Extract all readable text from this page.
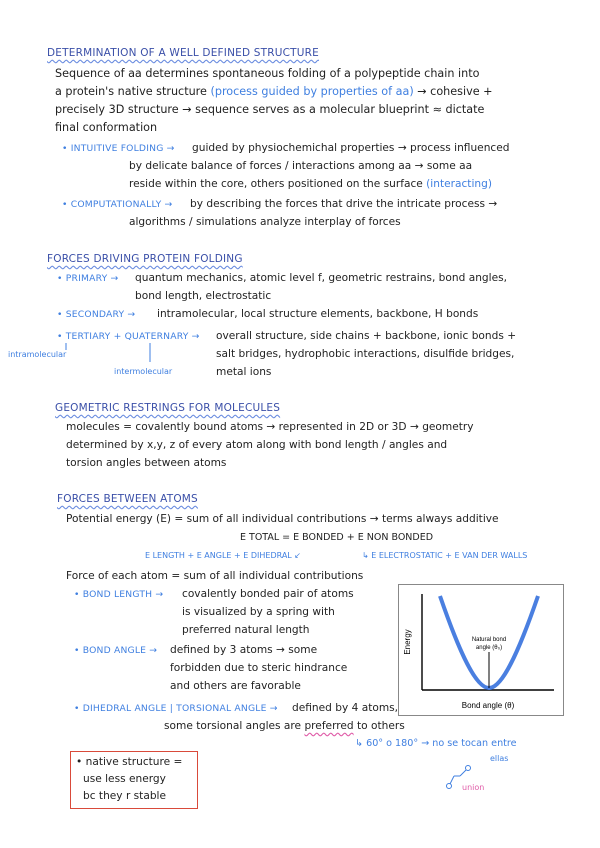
DETERMINATION OF A WELL DEFINED STRUCTURE
Sequence of aa determines spontaneous folding of a polypeptide chain into
a protein's native structure (process guided by properties of aa) → cohesive +
precisely 3D structure → sequence serves as a molecular blueprint ≈ dictate
final conformation
• INTUITIVE FOLDING → guided by physiochemichal properties → process influenced
by delicate balance of forces / interactions among aa → some aa
reside within the core, others positioned on the surface (interacting)
• COMPUTATIONALLY → by describing the forces that drive the intricate process →
algorithms / simulations analyze interplay of forces
FORCES DRIVING PROTEIN FOLDING
• PRIMARY → quantum mechanics, atomic level f, geometric restrains, bond angles,
bond length, electrostatic
• SECONDARY → intramolecular, local structure elements, backbone, H bonds
• TERTIARY + QUATERNARY → overall structure, side chains + backbone, ionic bonds +
salt bridges, hydrophobic interactions, disulfide bridges,
metal ions
intramolecular
intermolecular
GEOMETRIC RESTRINGS FOR MOLECULES
molecules = covalently bound atoms → represented in 2D or 3D → geometry
determined by x,y, z of every atom along with bond length / angles and
torsion angles between atoms
FORCES BETWEEN ATOMS
Potential energy (E) = sum of all individual contributions → terms always additive
E TOTAL = E BONDED + E NON BONDED
E LENGTH + E ANGLE + E DIHEDRAL ↙	↳ E ELECTROSTATIC + E VAN DER WALLS
Force of each atom = sum of all individual contributions
• BOND LENGTH → covalently bonded pair of atoms
is visualized by a spring with
preferred natural length
• BOND ANGLE → defined by 3 atoms → some
forbidden due to steric hindrance
and others are favorable
• DIHEDRAL ANGLE | TORSIONAL ANGLE → defined by 4 atoms,
some torsional angles are preferred to others
↳ 60° o 180° → no se tocan entre
ellas
union
Energy
Bond angle (θ)
Natural bond
angle (θ₀)
• native structure =
use less energy
bc they r stable
